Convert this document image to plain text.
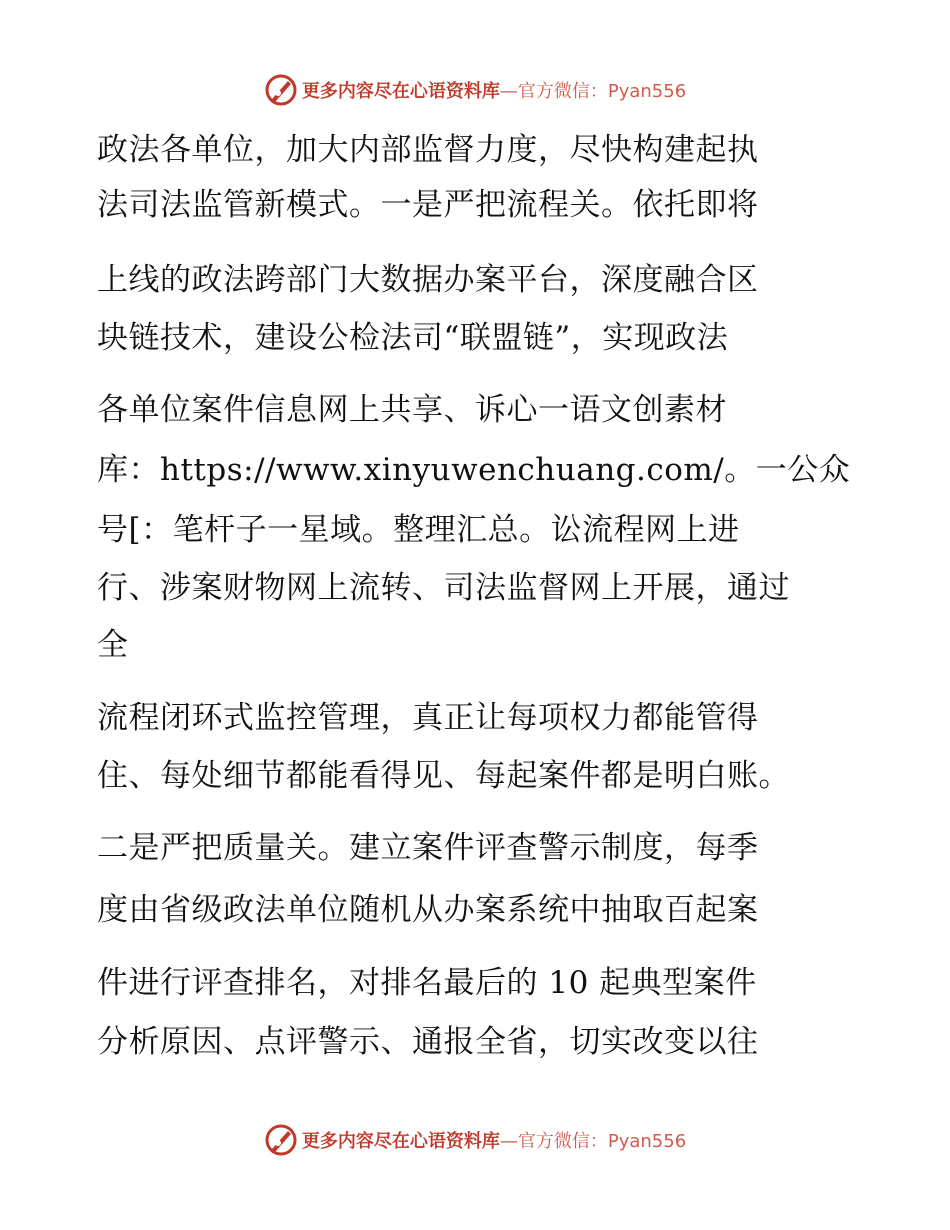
更多内容尽在心语资料库 —官方微信：Pyan556
政法各单位，加大内部监督力度，尽快构建起执
法司法监管新模式。一是严把流程关。依托即将
上线的政法跨部门大数据办案平台，深度融合区
块链技术，建设公检法司“联盟链”，实现政法
各单位案件信息网上共享、诉心一语文创素材
库：https://www.xinyuwenchuang.com/。一公众
号[：笔杆子一星域。整理汇总。讼流程网上进
行、涉案财物网上流转、司法监督网上开展，通过
全
流程闭环式监控管理，真正让每项权力都能管得
住、每处细节都能看得见、每起案件都是明白账。
二是严把质量关。建立案件评查警示制度，每季
度由省级政法单位随机从办案系统中抽取百起案
件进行评查排名，对排名最后的 10 起典型案件
分析原因、点评警示、通报全省，切实改变以往
更多内容尽在心语资料库 —官方微信：Pyan556
